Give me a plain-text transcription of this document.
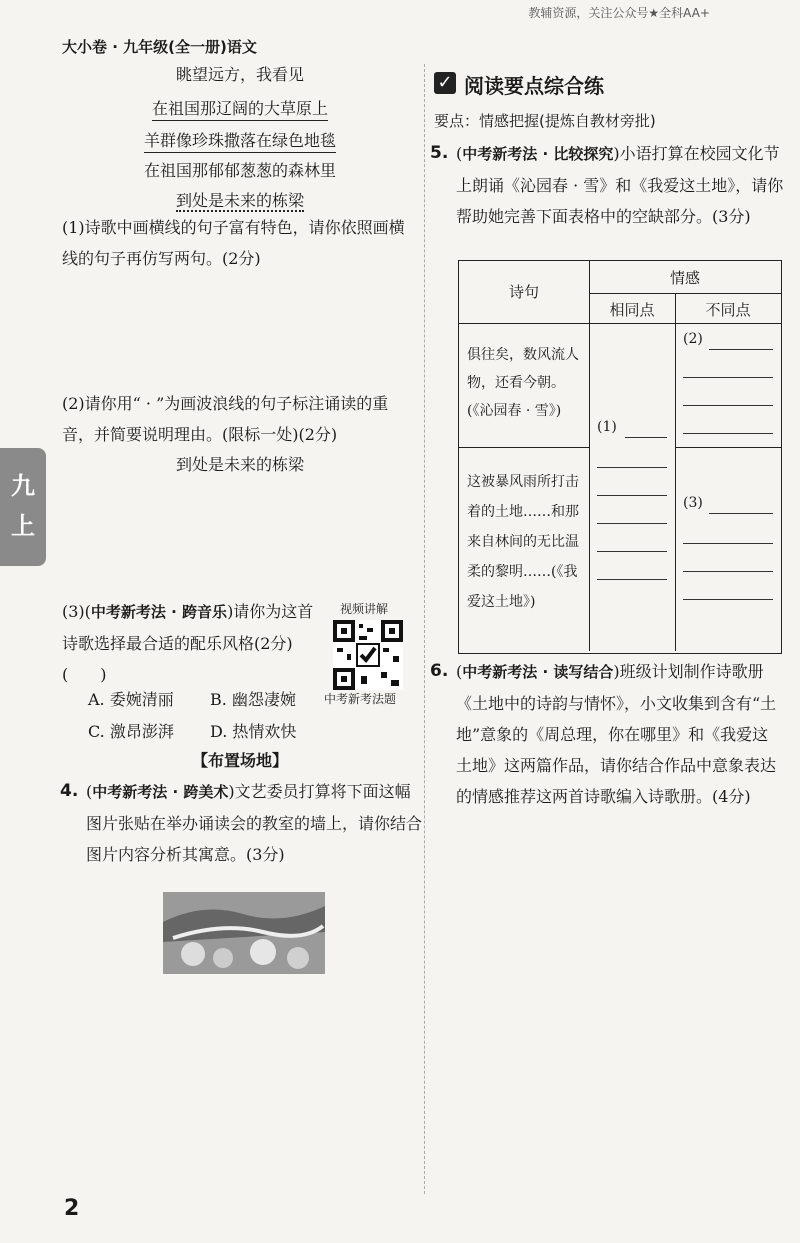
教辅资源，关注公众号★全科AA+
大小卷 · 九年级(全一册)语文
九
上
眺望远方，我看见
在祖国那辽阔的大草原上
羊群像珍珠撒落在绿色地毯
在祖国那郁郁葱葱的森林里
到处是未来的栋梁
(1)诗歌中画横线的句子富有特色，请你依照画横线的句子再仿写两句。(2分)
(2)请你用“ · ”为画波浪线的句子标注诵读的重音，并简要说明理由。(限标一处)(2分)
到处是未来的栋梁
(3)(中考新考法 · 跨音乐)请你为这首诗歌选择最合适的配乐风格(2分)　(　　)
视频讲解
中考新考法题
A. 委婉清丽 B. 幽怨凄婉
C. 激昂澎湃 D. 热情欢快
【布置场地】
4. (中考新考法 · 跨美术)文艺委员打算将下面这幅图片张贴在举办诵读会的教室的墙上，请你结合图片内容分析其寓意。(3分)
✓ 阅读要点综合练
要点：情感把握(提炼自教材旁批)
5. (中考新考法 · 比较探究)小语打算在校园文化节上朗诵《沁园春 · 雪》和《我爱这土地》，请你帮助她完善下面表格中的空缺部分。(3分)
诗句
情感
相同点	不同点
俱往矣，数风流人物，还看今朝。(《沁园春 · 雪》)
这被暴风雨所打击着的土地……和那来自林间的无比温柔的黎明……(《我爱这土地》)
(1)
(2)
(3)
6. (中考新考法 · 读写结合)班级计划制作诗歌册《土地中的诗韵与情怀》，小文收集到含有“土地”意象的《周总理，你在哪里》和《我爱这土地》这两篇作品，请你结合作品中意象表达的情感推荐这两首诗歌编入诗歌册。(4分)
2
